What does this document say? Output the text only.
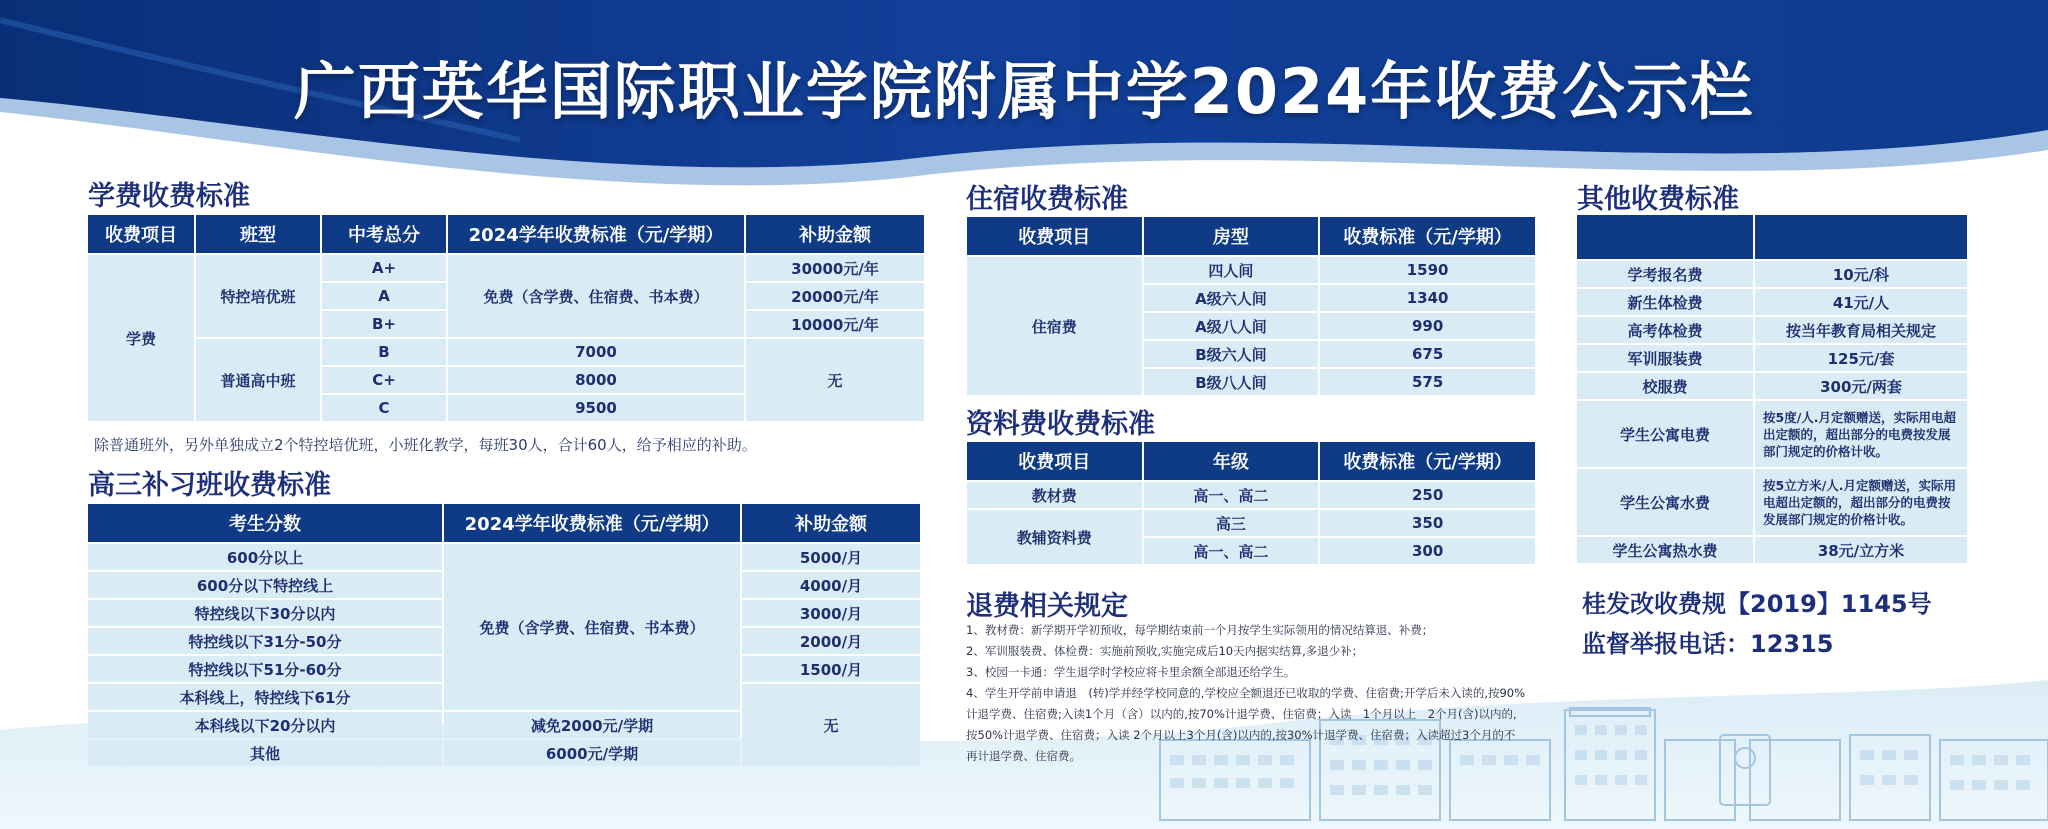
广西英华国际职业学院附属中学2024年收费公示栏
学费收费标准
收费项目	班型	中考总分	2024学年收费标准（元/学期）	补助金额
学费	特控培优班	A+	免费（含学费、住宿费、书本费）	30000元/年
		A		20000元/年
		B+		10000元/年
	普通高中班	B	7000	无
		C+	8000	
		C	9500	
除普通班外，另外单独成立2个特控培优班，小班化教学，每班30人，合计60人，给予相应的补助。
高三补习班收费标准
考生分数	2024学年收费标准（元/学期）	补助金额
600分以上	免费（含学费、住宿费、书本费）	5000/月
600分以下特控线上		4000/月
特控线以下30分以内		3000/月
特控线以下31分-50分		2000/月
特控线以下51分-60分		1500/月
本科线上，特控线下61分		无
本科线以下20分以内	减免2000元/学期	
其他	6000元/学期	
住宿收费标准
收费项目	房型	收费标准（元/学期）
住宿费	四人间	1590
	A级六人间	1340
	A级八人间	990
	B级六人间	675
	B级八人间	575
资料费收费标准
收费项目	年级	收费标准（元/学期）
教材费	高一、高二	250
教辅资料费	高三	350
	高一、高二	300
退费相关规定

1、教材费：新学期开学初预收，每学期结束前一个月按学生实际领用的情况结算退、补费；

2、军训服装费、体检费：实施前预收,实施完成后10天内据实结算,多退少补；

3、校园一卡通：学生退学时学校应将卡里余额全部退还给学生。

4、学生开学前申请退　(转)学并经学校同意的,学校应全额退还已收取的学费、住宿费;开学后未入读的,按90%计退学费、住宿费;入读1个月（含）以内的,按70%计退学费、住宿费；入读　1个月以上　2个月(含)以内的,按50%计退学费、住宿费；入读 2个月以上3个月(含)以内的,按30%计退学费、住宿费；入读超过3个月的不再计退学费、住宿费。

其他收费标准

学考报名费	10元/科
新生体检费	41元/人
高考体检费	按当年教育局相关规定
军训服装费	125元/套
校服费	300元/两套
学生公寓电费	按5度/人.月定额赠送，实际用电超出定额的，超出部分的电费按发展部门规定的价格计收。
学生公寓水费	按5立方米/人.月定额赠送，实际用电超出定额的，超出部分的电费按发展部门规定的价格计收。
学生公寓热水费	38元/立方米
桂发改收费规【2019】1145号
监督举报电话：12315
